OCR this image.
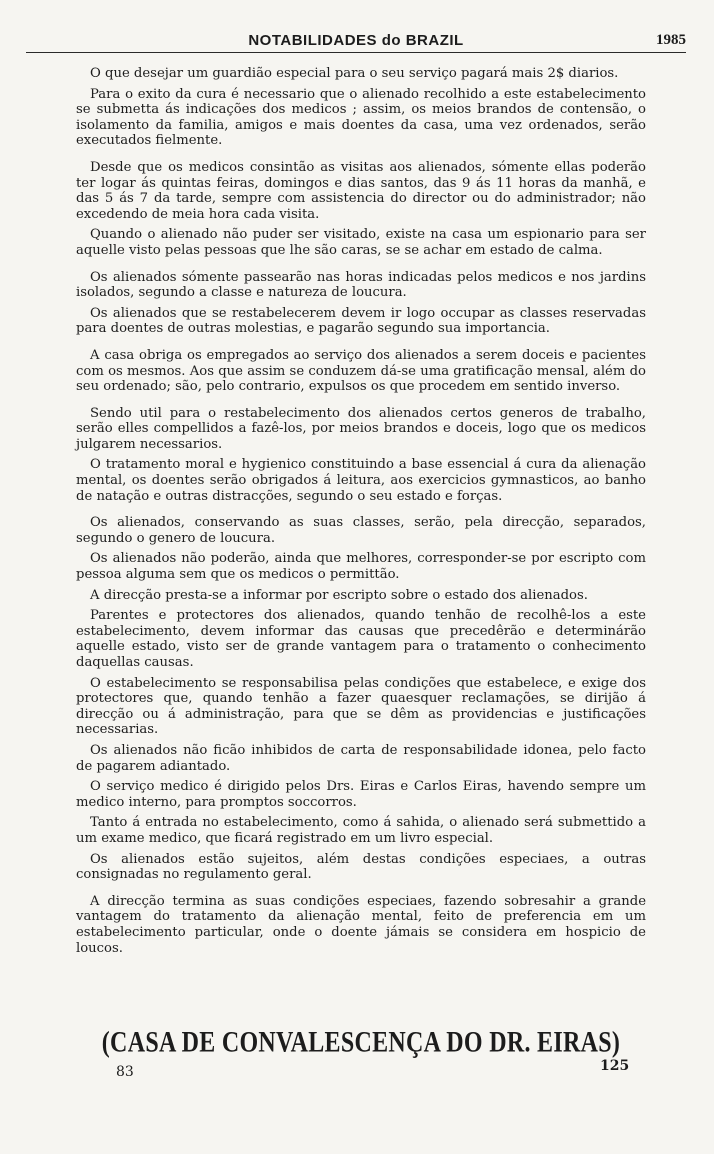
NOTABILIDADES do BRAZIL	1985

O que desejar um guardião especial para o seu serviço pagará mais 2$ diarios.

Para o exito da cura é necessario que o alienado recolhido a este estabelecimento se submetta ás indicações dos medicos ; assim, os meios brandos de contensão, o isolamento da familia, amigos e mais doentes da casa, uma vez ordenados, serão executados fielmente.

Desde que os medicos consintão as visitas aos alienados, sómente ellas poderão ter logar ás quintas feiras, domingos e dias santos, das 9 ás 11 horas da manhã, e das 5 ás 7 da tarde, sempre com assistencia do director ou do administrador; não excedendo de meia hora cada visita.

Quando o alienado não puder ser visitado, existe na casa um espionario para ser aquelle visto pelas pessoas que lhe são caras, se se achar em estado de calma.

Os alienados sómente passearão nas horas indicadas pelos medicos e nos jardins isolados, segundo a classe e natureza de loucura.

Os alienados que se restabelecerem devem ir logo occupar as classes reservadas para doentes de outras molestias, e pagarão segundo sua importancia.

A casa obriga os empregados ao serviço dos alienados a serem doceis e pacientes com os mesmos. Aos que assim se conduzem dá-se uma gratificação mensal, além do seu ordenado; são, pelo contrario, expulsos os que procedem em sentido inverso.

Sendo util para o restabelecimento dos alienados certos generos de trabalho, serão elles compellidos a fazê-los, por meios brandos e doceis, logo que os medicos julgarem necessarios.

O tratamento moral e hygienico constituindo a base essencial á cura da alienação mental, os doentes serão obrigados á leitura, aos exercicios gymnasticos, ao banho de natação e outras distracções, segundo o seu estado e forças.

Os alienados, conservando as suas classes, serão, pela direcção, separados, segundo o genero de loucura.

Os alienados não poderão, ainda que melhores, corresponder-se por escripto com pessoa alguma sem que os medicos o permittão.

A direcção presta-se a informar por escripto sobre o estado dos alienados.

Parentes e protectores dos alienados, quando tenhão de recolhê-los a este estabelecimento, devem informar das causas que precedêrão e determinárão aquelle estado, visto ser de grande vantagem para o tratamento o conhecimento daquellas causas.

O estabelecimento se responsabilisa pelas condições que estabelece, e exige dos protectores que, quando tenhão a fazer quaesquer reclamações, se dirijão á direcção ou á administração, para que se dêm as providencias e justificações necessarias.

Os alienados não ficão inhibidos de carta de responsabilidade idonea, pelo facto de pagarem adiantado.

O serviço medico é dirigido pelos Drs. Eiras e Carlos Eiras, havendo sempre um medico interno, para promptos soccorros.

Tanto á entrada no estabelecimento, como á sahida, o alienado será submettido a um exame medico, que ficará registrado em um livro especial.

Os alienados estão sujeitos, além destas condições especiaes, a outras consignadas no regulamento geral.

A direcção termina as suas condições especiaes, fazendo sobresahir a grande vantagem do tratamento da alienação mental, feito de preferencia em um estabelecimento particular, onde o doente jámais se considera em hospicio de loucos.

(CASA DE CONVALESCENÇA DO DR. EIRAS)
83	125
